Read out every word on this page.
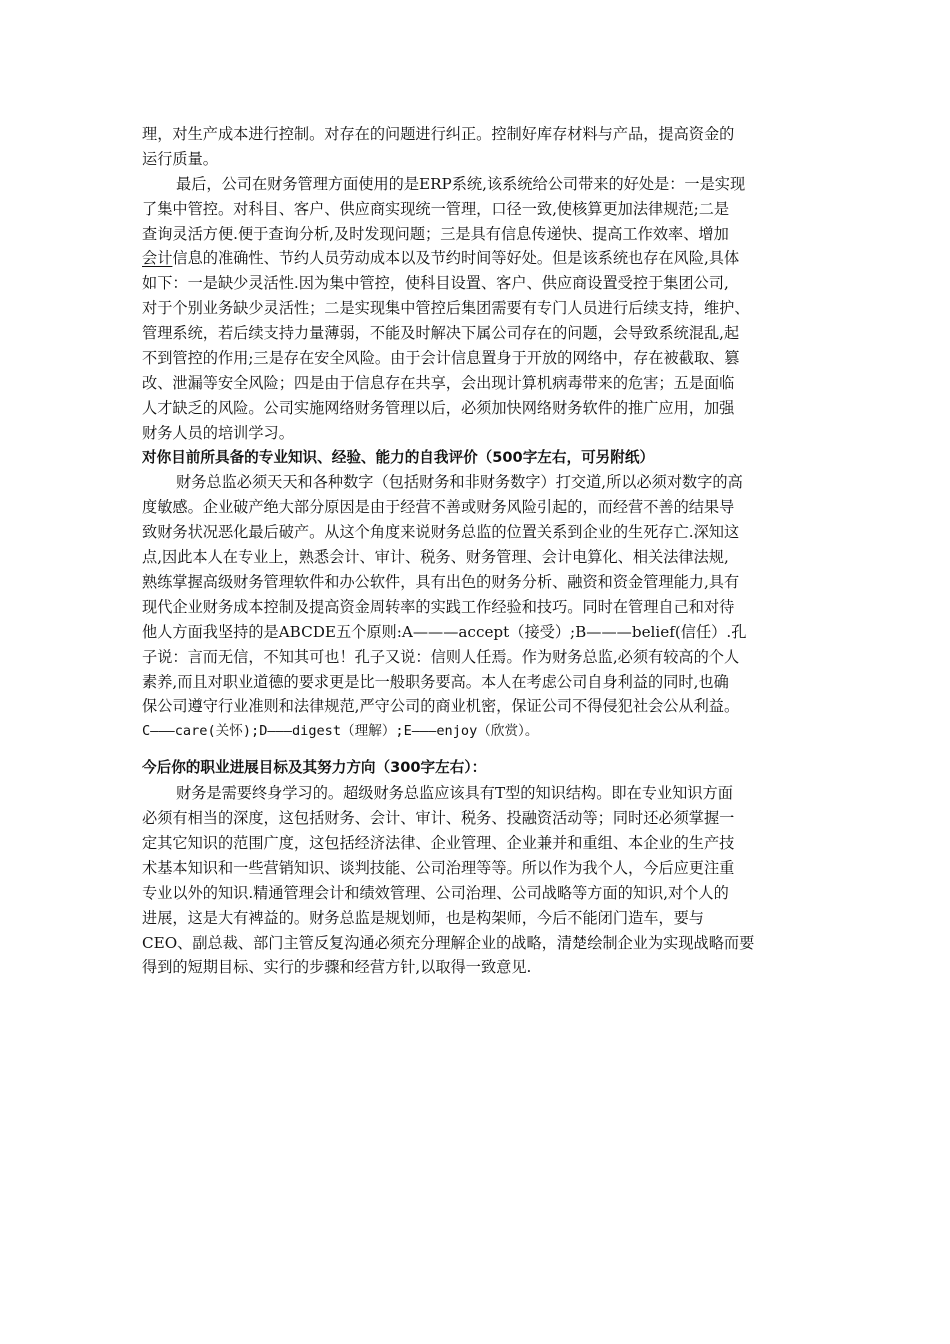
理，对生产成本进行控制。对存在的问题进行纠正。控制好库存材料与产品，提高资金的
运行质量。
最后，公司在财务管理方面使用的是ERP系统,该系统给公司带来的好处是：一是实现
了集中管控。对科目、客户、供应商实现统一管理，口径一致,使核算更加法律规范;二是
查询灵活方便.便于查询分析,及时发现问题；三是具有信息传递快、提高工作效率、增加
会计信息的准确性、节约人员劳动成本以及节约时间等好处。但是该系统也存在风险,具体
如下：一是缺少灵活性.因为集中管控，使科目设置、客户、供应商设置受控于集团公司,
对于个别业务缺少灵活性；二是实现集中管控后集团需要有专门人员进行后续支持，维护、
管理系统，若后续支持力量薄弱，不能及时解决下属公司存在的问题，会导致系统混乱,起
不到管控的作用;三是存在安全风险。由于会计信息置身于开放的网络中，存在被截取、篡
改、泄漏等安全风险；四是由于信息存在共享，会出现计算机病毒带来的危害；五是面临
人才缺乏的风险。公司实施网络财务管理以后，必须加快网络财务软件的推广应用，加强
财务人员的培训学习。
对你目前所具备的专业知识、经验、能力的自我评价（500字左右，可另附纸）
财务总监必须天天和各种数字（包括财务和非财务数字）打交道,所以必须对数字的高
度敏感。企业破产绝大部分原因是由于经营不善或财务风险引起的，而经营不善的结果导
致财务状况恶化最后破产。从这个角度来说财务总监的位置关系到企业的生死存亡.深知这
点,因此本人在专业上，熟悉会计、审计、税务、财务管理、会计电算化、相关法律法规,
熟练掌握高级财务管理软件和办公软件，具有出色的财务分析、融资和资金管理能力,具有
现代企业财务成本控制及提高资金周转率的实践工作经验和技巧。同时在管理自己和对待
他人方面我坚持的是ABCDE五个原则:A———accept（接受）;B———belief(信任）.孔
子说：言而无信，不知其可也！孔子又说：信则人任焉。作为财务总监,必须有较高的个人
素养,而且对职业道德的要求更是比一般职务要高。本人在考虑公司自身利益的同时,也确
保公司遵守行业准则和法律规范,严守公司的商业机密，保证公司不得侵犯社会公从利益。
C———care(关怀);D———digest（理解）;E———enjoy（欣赏）。
今后你的职业进展目标及其努力方向（300字左右）：
财务是需要终身学习的。超级财务总监应该具有T型的知识结构。即在专业知识方面
必须有相当的深度，这包括财务、会计、审计、税务、投融资活动等；同时还必须掌握一
定其它知识的范围广度，这包括经济法律、企业管理、企业兼并和重组、本企业的生产技
术基本知识和一些营销知识、谈判技能、公司治理等等。所以作为我个人，今后应更注重
专业以外的知识.精通管理会计和绩效管理、公司治理、公司战略等方面的知识,对个人的
进展，这是大有裨益的。财务总监是规划师，也是构架师，今后不能闭门造车，要与
CEO、副总裁、部门主管反复沟通必须充分理解企业的战略，清楚绘制企业为实现战略而要
得到的短期目标、实行的步骤和经营方针,以取得一致意见.
